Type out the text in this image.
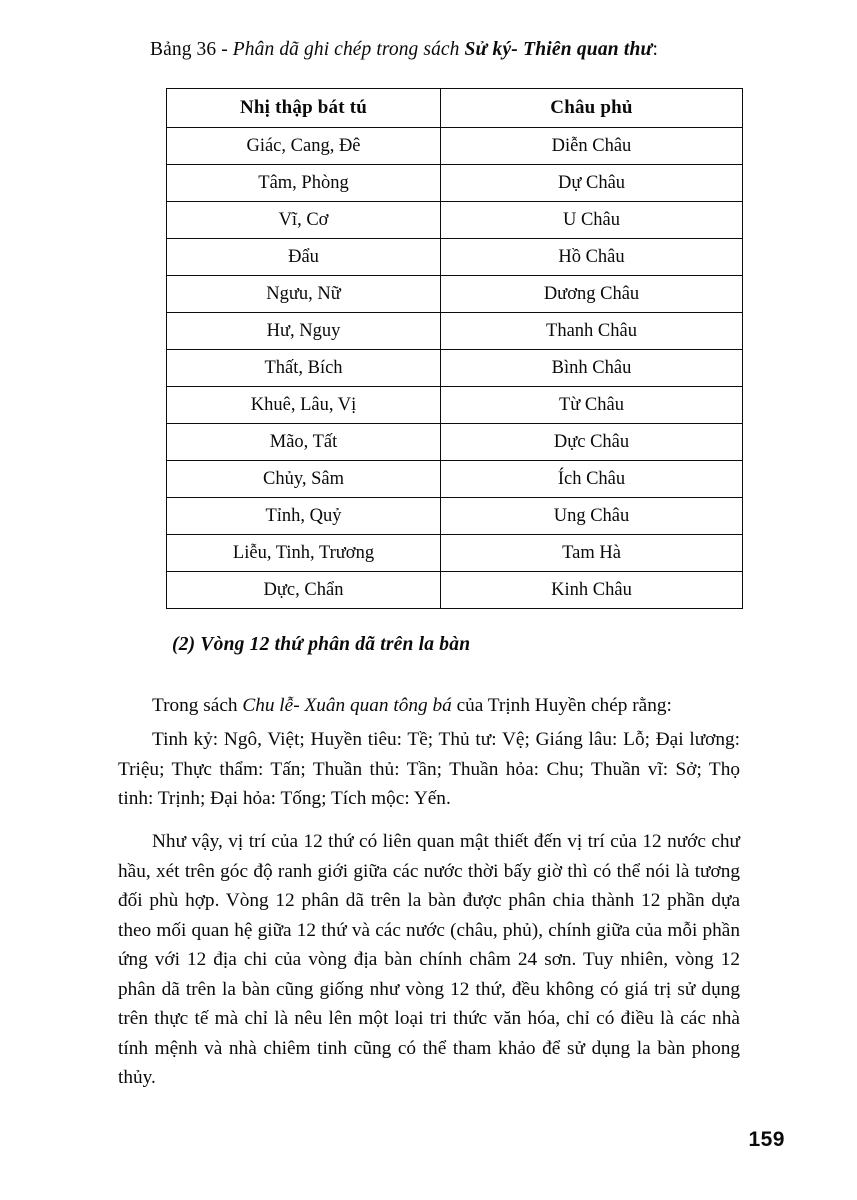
Bảng 36 - Phân dã ghi chép trong sách Sử ký- Thiên quan thư:
Nhị thập bát tú	Châu phủ
Giác, Cang, Đê	Diễn Châu
Tâm, Phòng	Dự Châu
Vĩ, Cơ	U Châu
Đẩu	Hồ Châu
Ngưu, Nữ	Dương Châu
Hư, Nguy	Thanh Châu
Thất, Bích	Bình Châu
Khuê, Lâu, Vị	Từ Châu
Mão, Tất	Dực Châu
Chủy, Sâm	Ích Châu
Tỉnh, Quỷ	Ung Châu
Liễu, Tinh, Trương	Tam Hà
Dực, Chẩn	Kinh Châu
(2) Vòng 12 thứ phân dã trên la bàn

Trong sách Chu lễ- Xuân quan tông bá của Trịnh Huyền chép rằng:

Tinh kỷ: Ngô, Việt; Huyền tiêu: Tề; Thủ tư: Vệ; Giáng lâu: Lỗ; Đại lương: Triệu; Thực thẩm: Tấn; Thuần thủ: Tần; Thuần hỏa: Chu; Thuần vĩ: Sở; Thọ tinh: Trịnh; Đại hỏa: Tống; Tích mộc: Yến.

Như vậy, vị trí của 12 thứ có liên quan mật thiết đến vị trí của 12 nước chư hầu, xét trên góc độ ranh giới giữa các nước thời bấy giờ thì có thể nói là tương đối phù hợp. Vòng 12 phân dã trên la bàn được phân chia thành 12 phần dựa theo mối quan hệ giữa 12 thứ và các nước (châu, phủ), chính giữa của mỗi phần ứng với 12 địa chi của vòng địa bàn chính châm 24 sơn. Tuy nhiên, vòng 12 phân dã trên la bàn cũng giống như vòng 12 thứ, đều không có giá trị sử dụng trên thực tế mà chỉ là nêu lên một loại tri thức văn hóa, chỉ có điều là các nhà tính mệnh và nhà chiêm tinh cũng có thể tham khảo để sử dụng la bàn phong thủy.

159
